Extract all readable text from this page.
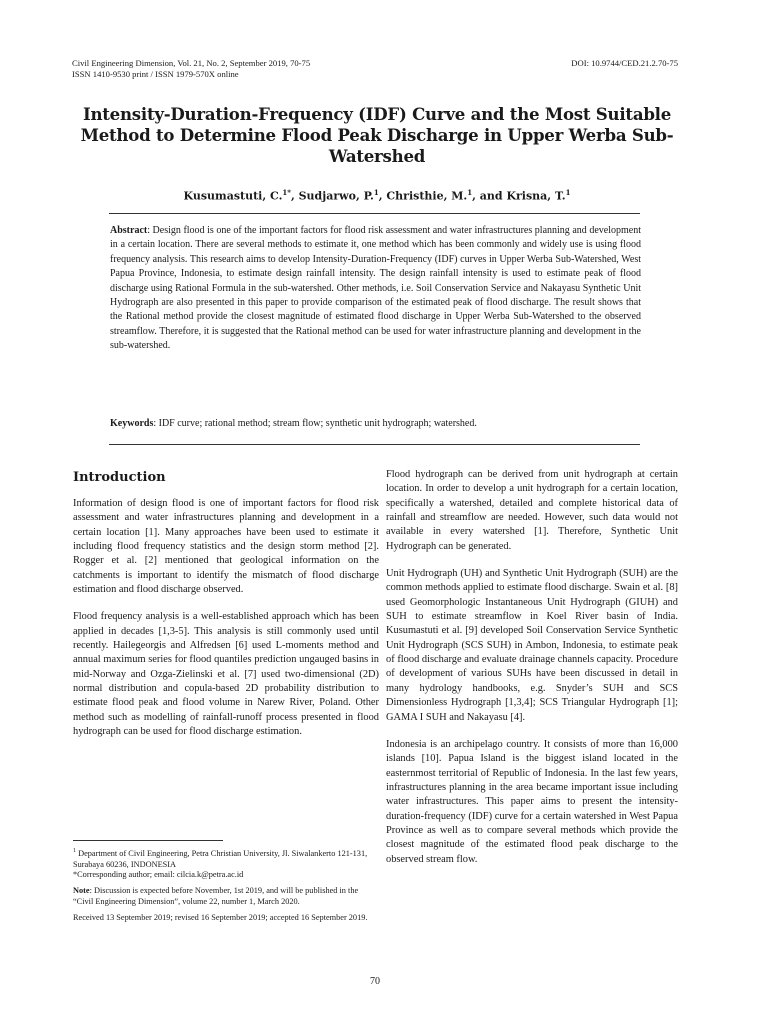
Civil Engineering Dimension, Vol. 21, No. 2, September 2019, 70-75
ISSN 1410-9530 print / ISSN 1979-570X online
DOI: 10.9744/CED.21.2.70-75
Intensity-Duration-Frequency (IDF) Curve and the Most Suitable Method to Determine Flood Peak Discharge in Upper Werba Sub-Watershed
Kusumastuti, C.$^{1*}$, Sudjarwo, P.$^1$, Christhie, M.$^1$, and Krisna, T.$^1$
Abstract: Design flood is one of the important factors for flood risk assessment and water infrastructures planning and development in a certain location. There are several methods to estimate it, one method which has been commonly and widely use is using flood frequency analysis. This research aims to develop Intensity-Duration-Frequency (IDF) curves in Upper Werba Sub-Watershed, West Papua Province, Indonesia, to estimate design rainfall intensity. The design rainfall intensity is used to estimate peak of flood discharge using Rational Formula in the sub-watershed. Other methods, i.e. Soil Conservation Service and Nakayasu Synthetic Unit Hydrograph are also presented in this paper to provide comparison of the estimated peak of flood discharge. The result shows that the Rational method provide the closest magnitude of estimated flood discharge in Upper Werba Sub-Watershed to the observed streamflow. Therefore, it is suggested that the Rational method can be used for water infrastructure planning and development in the sub-watershed.
Keywords: IDF curve; rational method; stream flow; synthetic unit hydrograph; watershed.
Introduction

Information of design flood is one of important factors for flood risk assessment and water infrastructures planning and development in a certain location [1]. Many approaches have been used to estimate it including flood frequency statistics and the design storm method [2]. Rogger et al. [2] mentioned that geological information on the catchments is important to identify the mismatch of flood discharge estimation and flood discharge observed.

Flood frequency analysis is a well-established approach which has been applied in decades [1,3-5]. This analysis is still commonly used until recently. Hailegeorgis and Alfredsen [6] used L-moments method and annual maximum series for flood quantiles prediction ungauged basins in mid-Norway and Ozga-Zielinski et al. [7] used two-dimensional (2D) normal distribution and copula-based 2D probability distribution to estimate flood peak and flood volume in Narew River, Poland. Other method such as modelling of rainfall-runoff process presented in flood hydrograph can be used for flood discharge estimation.

Flood hydrograph can be derived from unit hydrograph at certain location. In order to develop a unit hydrograph for a certain location, specifically a watershed, detailed and complete historical data of rainfall and streamflow are needed. However, such data would not available in every watershed [1]. Therefore, Synthetic Unit Hydrograph can be generated.

Unit Hydrograph (UH) and Synthetic Unit Hydrograph (SUH) are the common methods applied to estimate flood discharge. Swain et al. [8] used Geomorphologic Instantaneous Unit Hydrograph (GIUH) and SUH to estimate streamflow in Koel River basin of India. Kusumastuti et al. [9] developed Soil Conservation Service Synthetic Unit Hydrograph (SCS SUH) in Ambon, Indonesia, to estimate peak of flood discharge and evaluate drainage channels capacity. Procedure of development of various SUHs have been discussed in detail in many hydrology handbooks, e.g. Snyder’s SUH and SCS Dimensionless Hydrograph [1,3,4]; SCS Triangular Hydrograph [1]; GAMA I SUH and Nakayasu [4].

Indonesia is an archipelago country. It consists of more than 16,000 islands [10]. Papua Island is the biggest island located in the easternmost territorial of Republic of Indonesia. In the last few years, infrastructures planning in the area became important issue including water infrastructures. This paper aims to present the intensity-duration-frequency (IDF) curve for a certain watershed in West Papua Province as well as to compare several methods which provide the closest magnitude of the estimated flood peak discharge to the observed stream flow.

$^1$ Department of Civil Engineering, Petra Christian University, Jl. Siwalankerto 121-131, Surabaya 60236, INDONESIA
*Corresponding author; email: cilcia.k@petra.ac.id

Note: Discussion is expected before November, 1st 2019, and will be published in the “Civil Engineering Dimension”, volume 22, number 1, March 2020.

Received 13 September 2019; revised 16 September 2019; accepted 16 September 2019.

70
